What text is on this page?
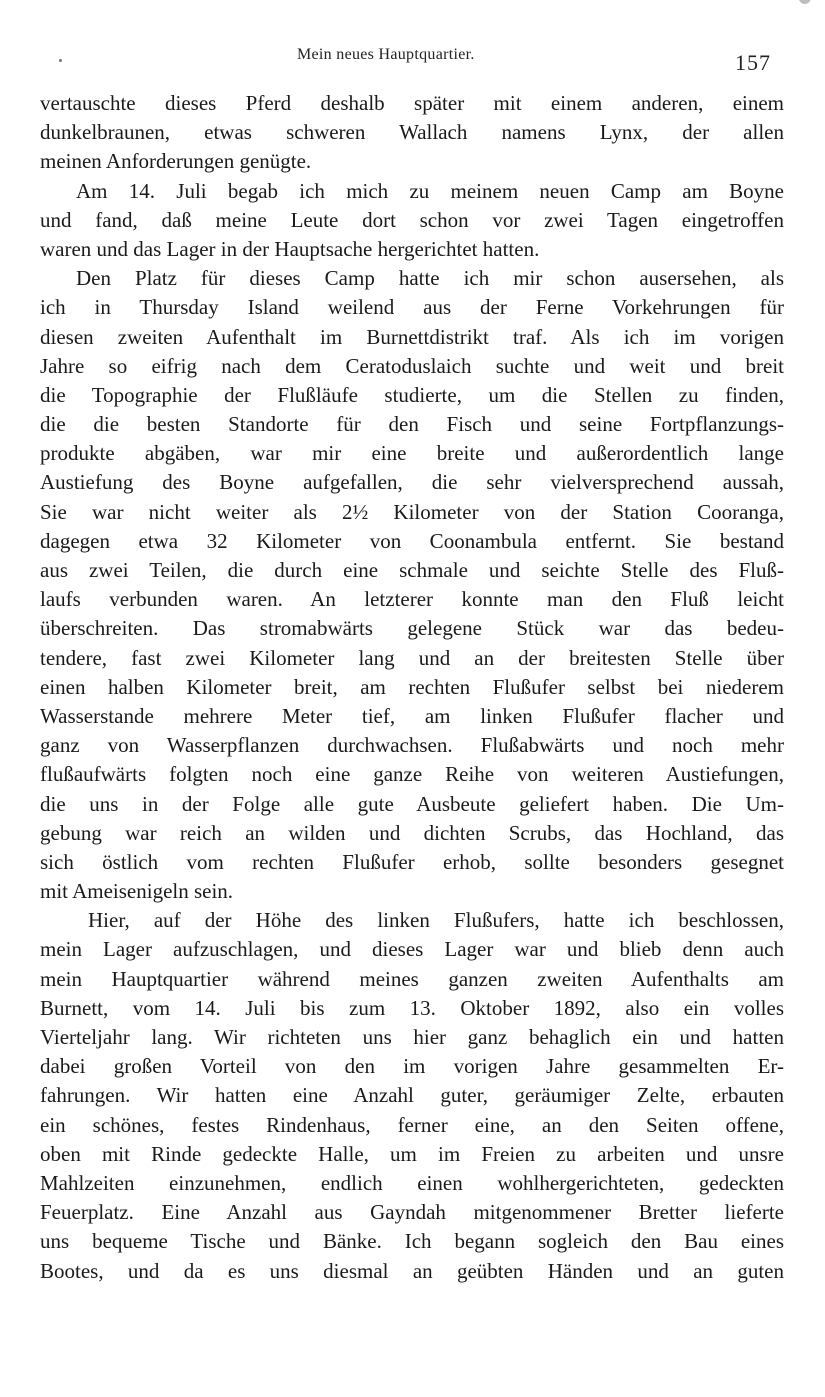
Mein neues Hauptquartier.	157
vertauschte dieses Pferd deshalb später mit einem anderen, einem
dunkelbraunen, etwas schweren Wallach namens Lynx, der allen
meinen Anforderungen genügte.
Am 14. Juli begab ich mich zu meinem neuen Camp am Boyne
und fand, daß meine Leute dort schon vor zwei Tagen eingetroffen
waren und das Lager in der Hauptsache hergerichtet hatten.
Den Platz für dieses Camp hatte ich mir schon ausersehen, als
ich in Thursday Island weilend aus der Ferne Vorkehrungen für
diesen zweiten Aufenthalt im Burnettdistrikt traf. Als ich im vorigen
Jahre so eifrig nach dem Ceratoduslaich suchte und weit und breit
die Topographie der Flußläufe studierte, um die Stellen zu finden,
die die besten Standorte für den Fisch und seine Fortpflanzungs-
produkte abgäben, war mir eine breite und außerordentlich lange
Austiefung des Boyne aufgefallen, die sehr vielversprechend aussah,
Sie war nicht weiter als 2½ Kilometer von der Station Cooranga,
dagegen etwa 32 Kilometer von Coonambula entfernt. Sie bestand
aus zwei Teilen, die durch eine schmale und seichte Stelle des Fluß-
laufs verbunden waren. An letzterer konnte man den Fluß leicht
überschreiten. Das stromabwärts gelegene Stück war das bedeu-
tendere, fast zwei Kilometer lang und an der breitesten Stelle über
einen halben Kilometer breit, am rechten Flußufer selbst bei niederem
Wasserstande mehrere Meter tief, am linken Flußufer flacher und
ganz von Wasserpflanzen durchwachsen. Flußabwärts und noch mehr
flußaufwärts folgten noch eine ganze Reihe von weiteren Austiefungen,
die uns in der Folge alle gute Ausbeute geliefert haben. Die Um-
gebung war reich an wilden und dichten Scrubs, das Hochland, das
sich östlich vom rechten Flußufer erhob, sollte besonders gesegnet
mit Ameisenigeln sein.
Hier, auf der Höhe des linken Flußufers, hatte ich beschlossen,
mein Lager aufzuschlagen, und dieses Lager war und blieb denn auch
mein Hauptquartier während meines ganzen zweiten Aufenthalts am
Burnett, vom 14. Juli bis zum 13. Oktober 1892, also ein volles
Vierteljahr lang. Wir richteten uns hier ganz behaglich ein und hatten
dabei großen Vorteil von den im vorigen Jahre gesammelten Er-
fahrungen. Wir hatten eine Anzahl guter, geräumiger Zelte, erbauten
ein schönes, festes Rindenhaus, ferner eine, an den Seiten offene,
oben mit Rinde gedeckte Halle, um im Freien zu arbeiten und unsre
Mahlzeiten einzunehmen, endlich einen wohlhergerichteten, gedeckten
Feuerplatz. Eine Anzahl aus Gayndah mitgenommener Bretter lieferte
uns bequeme Tische und Bänke. Ich begann sogleich den Bau eines
Bootes, und da es uns diesmal an geübten Händen und an guten
